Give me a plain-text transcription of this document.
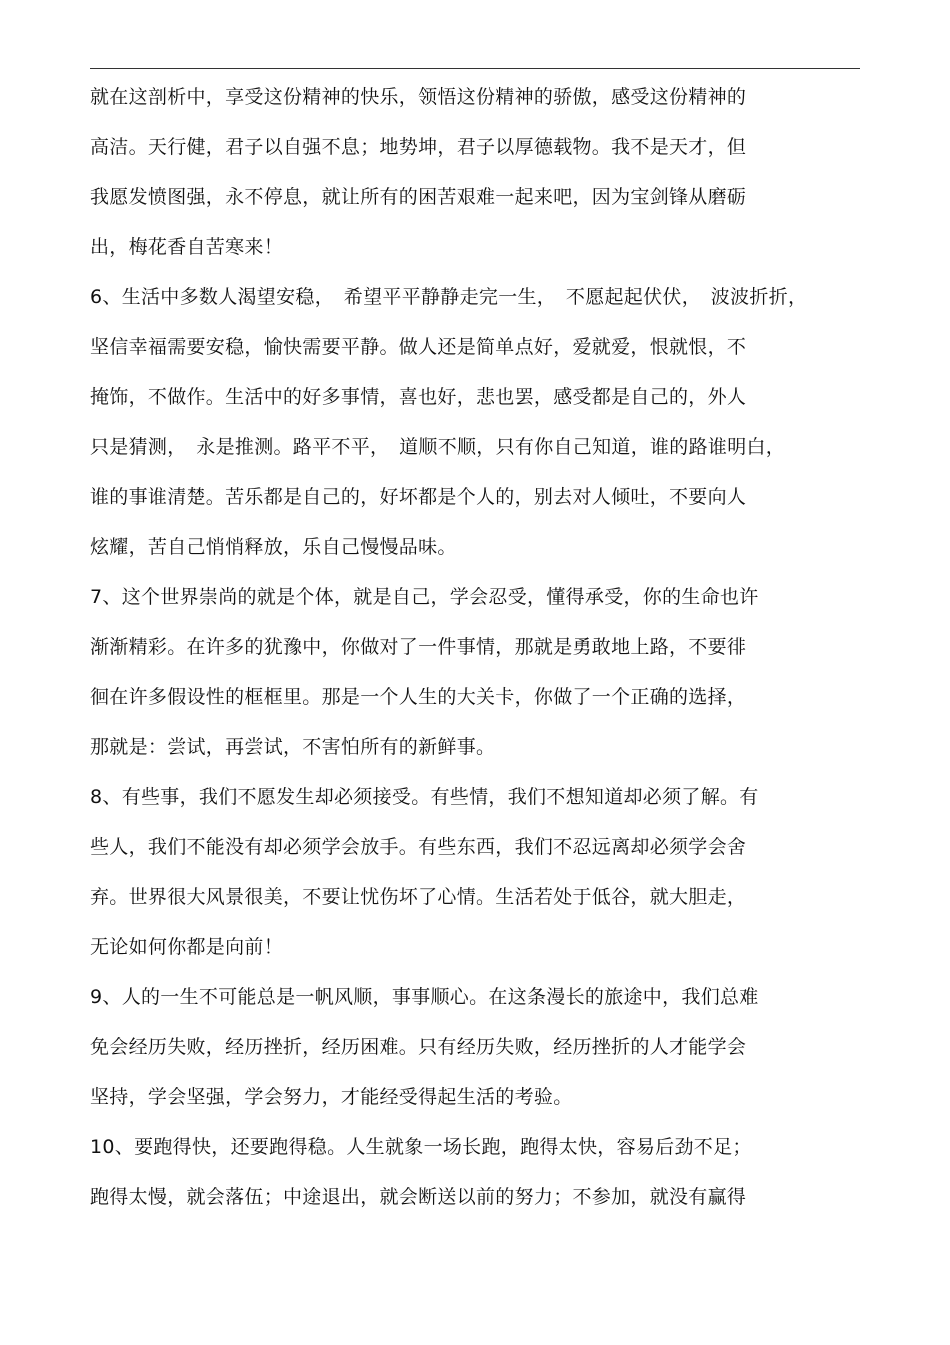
就在这剖析中，享受这份精神的快乐，领悟这份精神的骄傲，感受这份精神的
高洁。天行健，君子以自强不息；地势坤，君子以厚德载物。我不是天才，但
我愿发愤图强，永不停息，就让所有的困苦艰难一起来吧，因为宝剑锋从磨砺
出，梅花香自苦寒来！
6、生活中多数人渴望安稳，　希望平平静静走完一生，　不愿起起伏伏，　波波折折，
坚信幸福需要安稳，愉快需要平静。做人还是简单点好，爱就爱，恨就恨，不
掩饰，不做作。生活中的好多事情，喜也好，悲也罢，感受都是自己的，外人
只是猜测，　永是推测。路平不平，　道顺不顺，只有你自己知道，谁的路谁明白，
谁的事谁清楚。苦乐都是自己的，好坏都是个人的，别去对人倾吐，不要向人
炫耀，苦自己悄悄释放，乐自己慢慢品味。
7、这个世界崇尚的就是个体，就是自己，学会忍受，懂得承受，你的生命也许
渐渐精彩。在许多的犹豫中，你做对了一件事情，那就是勇敢地上路，不要徘
徊在许多假设性的框框里。那是一个人生的大关卡，你做了一个正确的选择，
那就是：尝试，再尝试，不害怕所有的新鲜事。
8、有些事，我们不愿发生却必须接受。有些情，我们不想知道却必须了解。有
些人，我们不能没有却必须学会放手。有些东西，我们不忍远离却必须学会舍
弃。世界很大风景很美，不要让忧伤坏了心情。生活若处于低谷，就大胆走，
无论如何你都是向前！
9、人的一生不可能总是一帆风顺，事事顺心。在这条漫长的旅途中，我们总难
免会经历失败，经历挫折，经历困难。只有经历失败，经历挫折的人才能学会
坚持，学会坚强，学会努力，才能经受得起生活的考验。
10、要跑得快，还要跑得稳。人生就象一场长跑，跑得太快，容易后劲不足；
跑得太慢，就会落伍；中途退出，就会断送以前的努力；不参加，就没有赢得
